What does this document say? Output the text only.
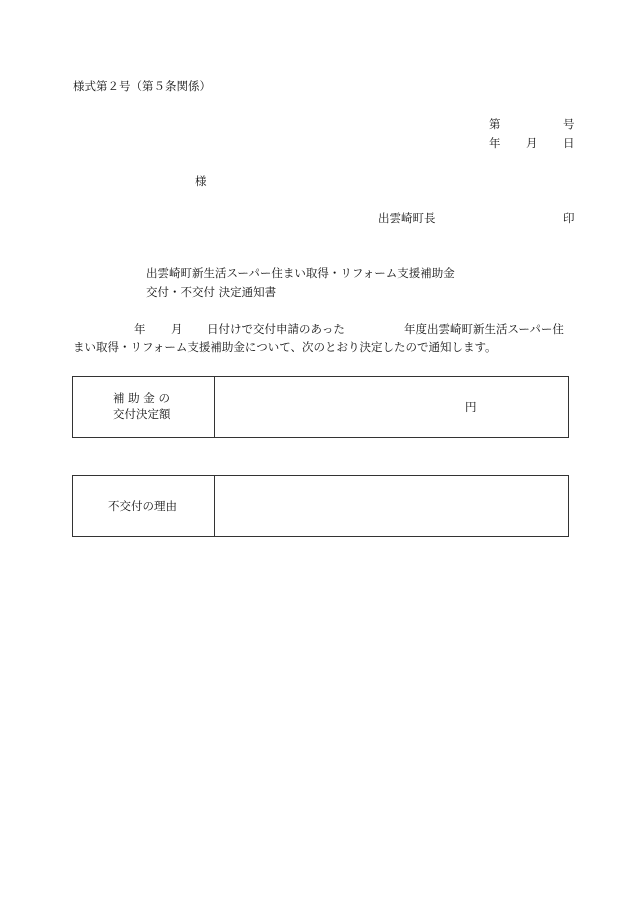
様式第２号（第５条関係）
第	号
年 月 日
様
出雲崎町長	印
出雲崎町新生活スーパー住まい取得・リフォーム支援補助金
交付・不交付 決定通知書
年 月 日付けで交付申請のあった	年度出雲崎町新生活スーパー住
まい取得・リフォーム支援補助金について、次のとおり決定したので通知します。
補 助 金 の
交付決定額	円
不交付の理由
